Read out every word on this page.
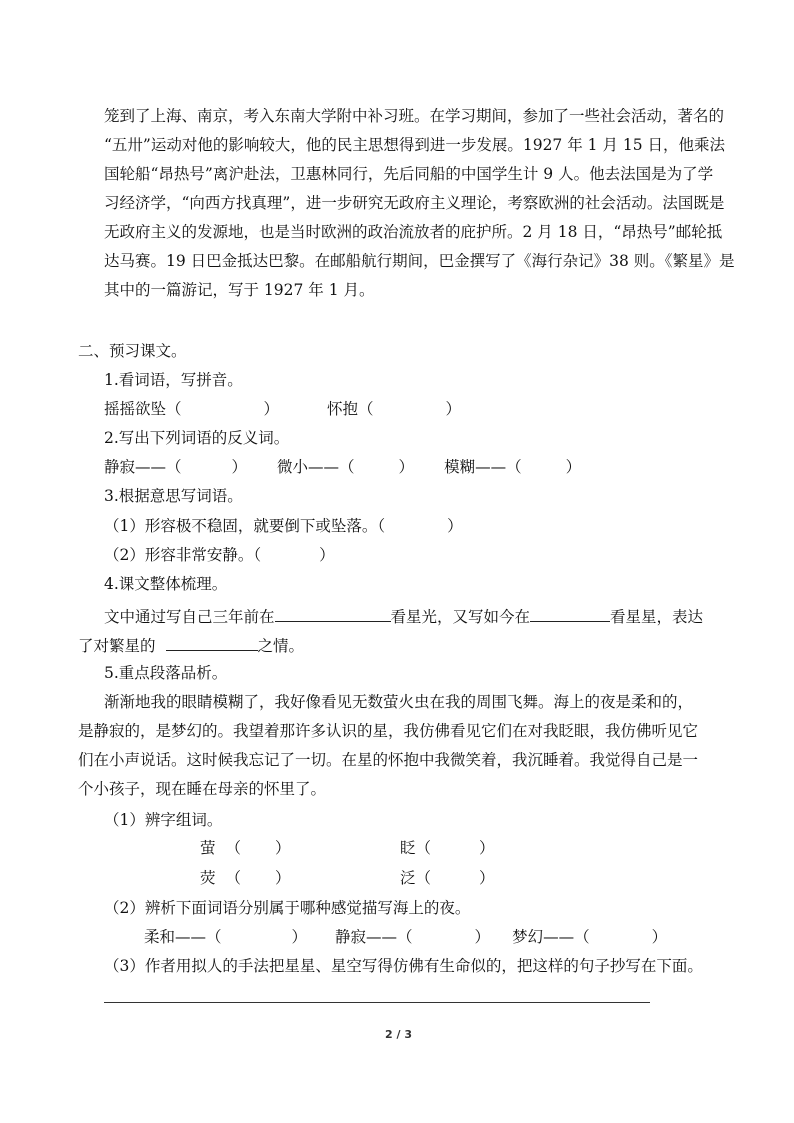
笼到了上海、南京，考入东南大学附中补习班。在学习期间，参加了一些社会活动，著名的
“五卅”运动对他的影响较大，他的民主思想得到进一步发展。1927 年 1 月 15 日，他乘法
国轮船“昂热号”离沪赴法，卫惠林同行，先后同船的中国学生计 9 人。他去法国是为了学
习经济学，“向西方找真理”，进一步研究无政府主义理论，考察欧洲的社会活动。法国既是
无政府主义的发源地，也是当时欧洲的政治流放者的庇护所。2 月 18 日，“昂热号”邮轮抵
达马赛。19 日巴金抵达巴黎。在邮船航行期间，巴金撰写了《海行杂记》38 则。《繁星》是
其中的一篇游记，写于 1927 年 1 月。
二、预习课文。
1.看词语，写拼音。
摇摇欲坠（	）	怀抱（	）
2.写出下列词语的反义词。
静寂——（	） 微小——（	） 模糊——（	）
3.根据意思写词语。
（1）形容极不稳固，就要倒下或坠落。（	）
（2）形容非常安静。（	）
4.课文整体梳理。
文中通过写自己三年前在	看星光，又写如今在	看星星，表达
了对繁星的	之情。
5.重点段落品析。
渐渐地我的眼睛模糊了，我好像看见无数萤火虫在我的周围飞舞。海上的夜是柔和的，
是静寂的，是梦幻的。我望着那许多认识的星，我仿佛看见它们在对我眨眼，我仿佛听见它
们在小声说话。这时候我忘记了一切。在星的怀抱中我微笑着，我沉睡着。我觉得自己是一
个小孩子，现在睡在母亲的怀里了。
（1）辨字组词。
萤 （ ）	眨（	）
荧 （ ）	泛（	）
（2）辨析下面词语分别属于哪种感觉描写海上的夜。
柔和——（	） 静寂——（	） 梦幻——（	）
（3）作者用拟人的手法把星星、星空写得仿佛有生命似的，把这样的句子抄写在下面。
2 / 3
